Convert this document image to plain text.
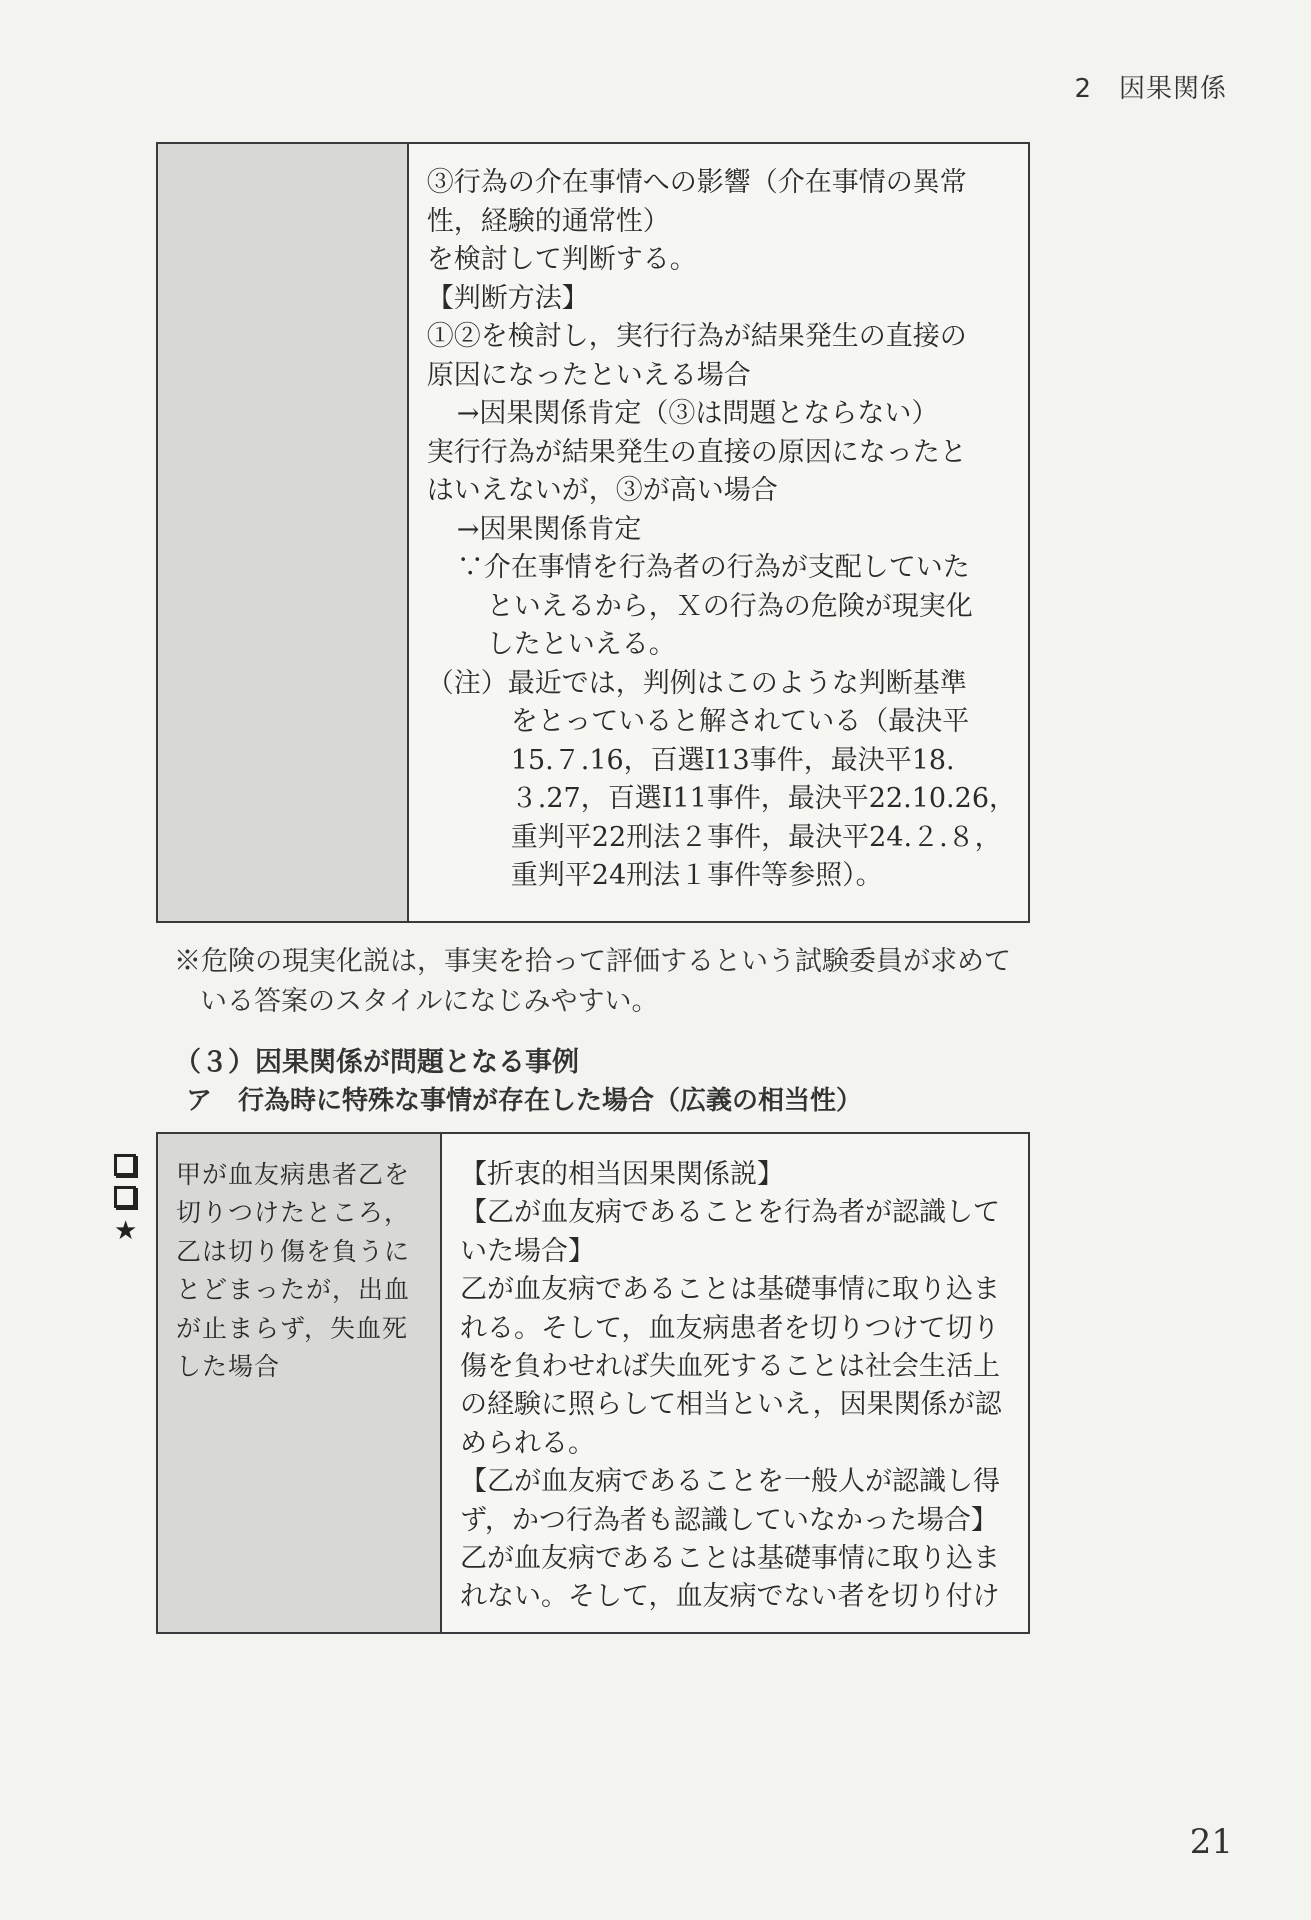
2　因果関係
③行為の介在事情への影響（介在事情の異常
性，経験的通常性）
を検討して判断する。
【判断方法】
①②を検討し，実行行為が結果発生の直接の
原因になったといえる場合
→因果関係肯定（③は問題とならない）
実行行為が結果発生の直接の原因になったと
はいえないが，③が高い場合
→因果関係肯定
∵介在事情を行為者の行為が支配していた
といえるから，Ｘの行為の危険が現実化
したといえる。
（注）最近では，判例はこのような判断基準
をとっていると解されている（最決平
15.７.16，百選Ⅰ13事件，最決平18.
３.27，百選Ⅰ11事件，最決平22.10.26，
重判平22刑法２事件，最決平24.２.８，
重判平24刑法１事件等参照）。
※危険の現実化説は，事実を拾って評価するという試験委員が求めて
いる答案のスタイルになじみやすい。
（３）因果関係が問題となる事例
ア　行為時に特殊な事情が存在した場合（広義の相当性）
★
甲が血友病患者乙を
切りつけたところ，
乙は切り傷を負うに
とどまったが，出血
が止まらず，失血死
した場合
【折衷的相当因果関係説】
【乙が血友病であることを行為者が認識して
いた場合】
乙が血友病であることは基礎事情に取り込ま
れる。そして，血友病患者を切りつけて切り
傷を負わせれば失血死することは社会生活上
の経験に照らして相当といえ，因果関係が認
められる。
【乙が血友病であることを一般人が認識し得
ず，かつ行為者も認識していなかった場合】
乙が血友病であることは基礎事情に取り込ま
れない。そして，血友病でない者を切り付け
21
